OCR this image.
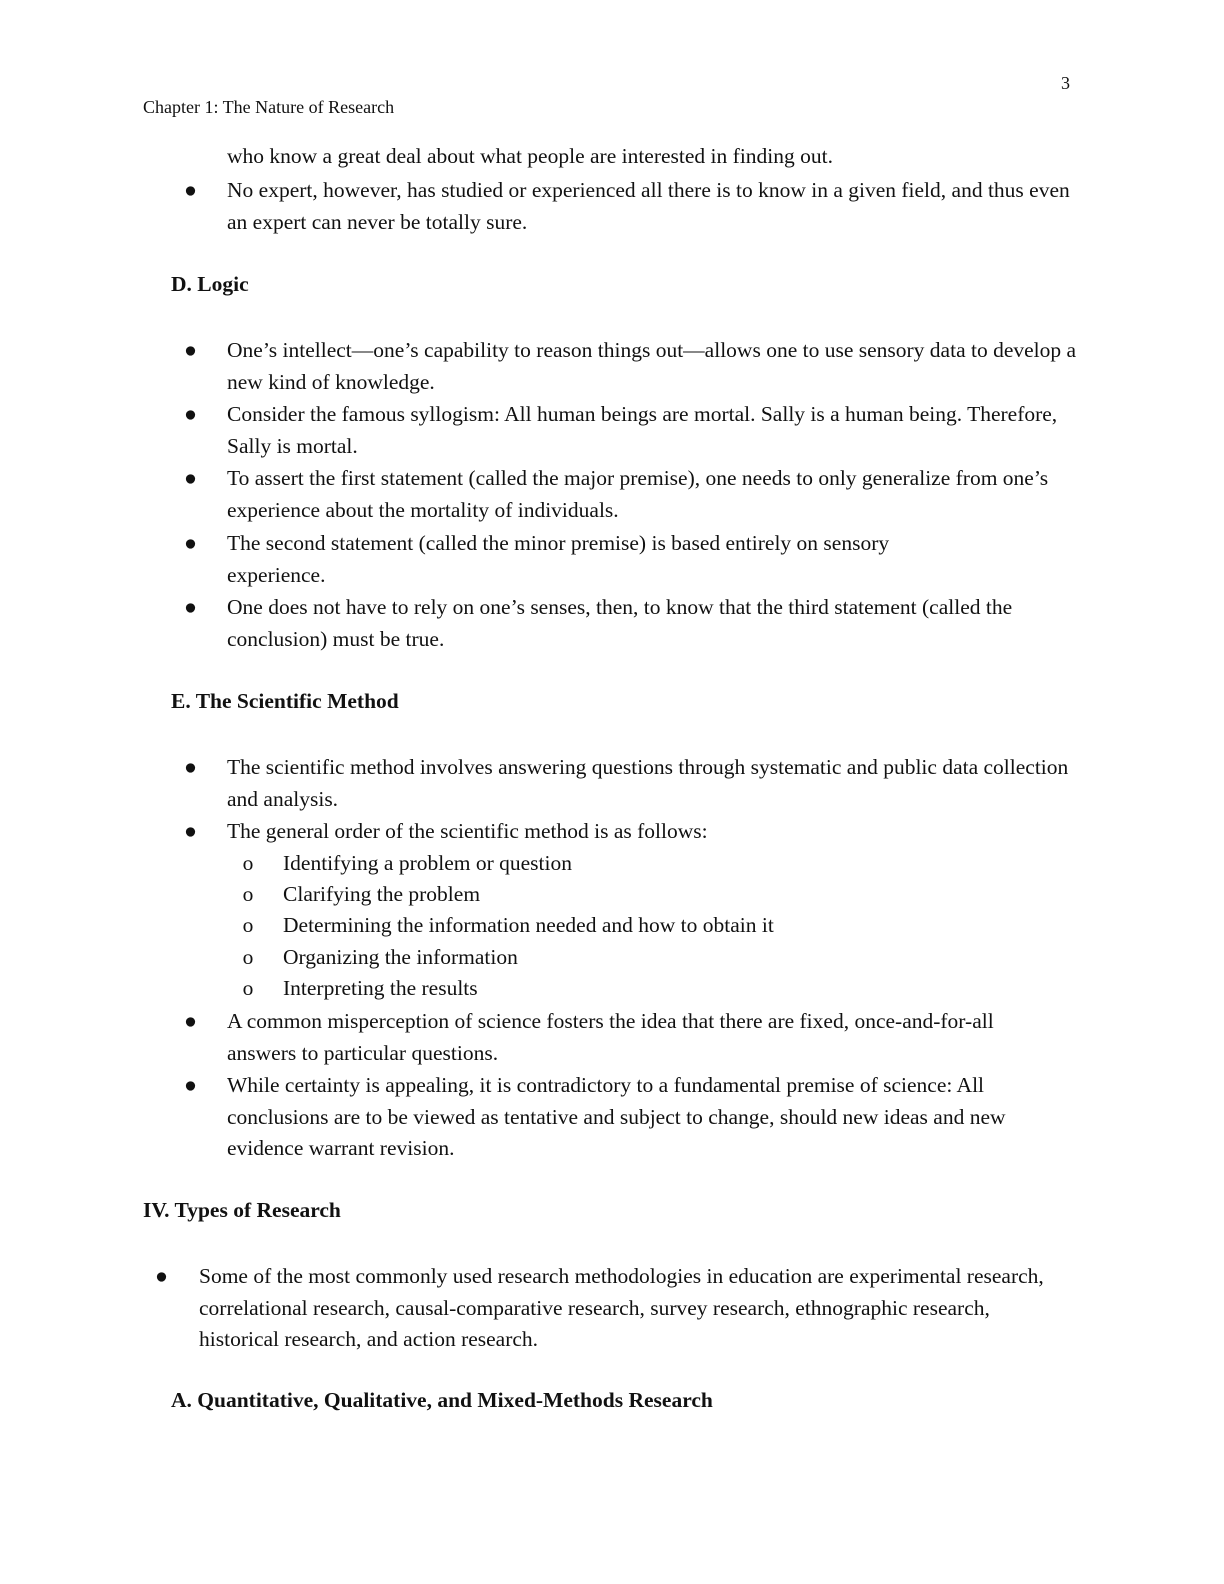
3
Chapter 1: The Nature of Research
who know a great deal about what people are interested in finding out.
● No expert, however, has studied or experienced all there is to know in a given field, and thus even an expert can never be totally sure.
D. Logic
● One’s intellect—one’s capability to reason things out—allows one to use sensory data to develop a new kind of knowledge.
● Consider the famous syllogism: All human beings are mortal. Sally is a human being. Therefore, Sally is mortal.
● To assert the first statement (called the major premise), one needs to only generalize from one’s experience about the mortality of individuals.
● The second statement (called the minor premise) is based entirely on sensory experience.
● One does not have to rely on one’s senses, then, to know that the third statement (called the conclusion) must be true.
E. The Scientific Method
● The scientific method involves answering questions through systematic and public data collection and analysis.
● The general order of the scientific method is as follows:
o Identifying a problem or question
o Clarifying the problem
o Determining the information needed and how to obtain it
o Organizing the information
o Interpreting the results
● A common misperception of science fosters the idea that there are fixed, once-and-for-all answers to particular questions.
● While certainty is appealing, it is contradictory to a fundamental premise of science: All conclusions are to be viewed as tentative and subject to change, should new ideas and new evidence warrant revision.
IV. Types of Research
● Some of the most commonly used research methodologies in education are experimental research, correlational research, causal-comparative research, survey research, ethnographic research, historical research, and action research.
A. Quantitative, Qualitative, and Mixed-Methods Research
